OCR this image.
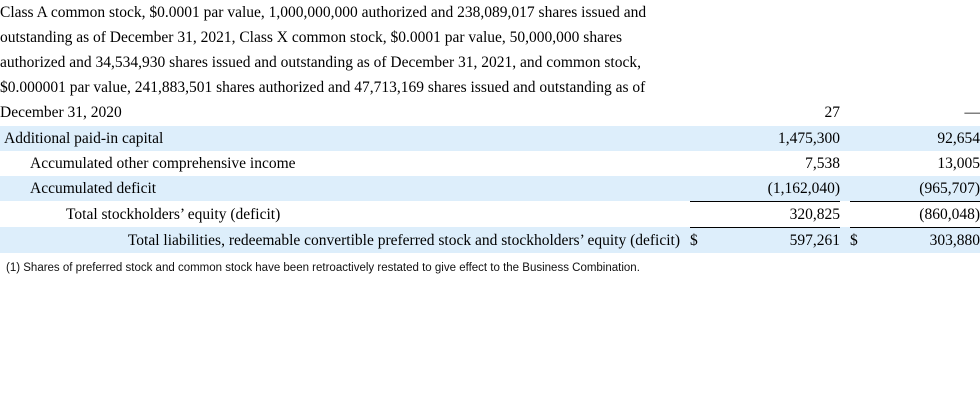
Class A common stock, $0.0001 par value, 1,000,000,000 authorized and 238,089,017 shares issued and outstanding as of December 31, 2021, Class X common stock, $0.0001 par value, 50,000,000 shares authorized and 34,534,930 shares issued and outstanding as of December 31, 2021, and common stock, $0.000001 par value, 241,883,501 shares authorized and 47,713,169 shares issued and outstanding as of December 31, 2020		27			—
Additional paid-in capital		1,475,300			92,654
Accumulated other comprehensive income		7,538			13,005
Accumulated deficit		(1,162,040)			(965,707)
Total stockholders’ equity (deficit)		320,825			(860,048)
Total liabilities, redeemable convertible preferred stock and stockholders’ equity (deficit)	$	597,261		$	303,880
(1) Shares of preferred stock and common stock have been retroactively restated to give effect to the Business Combination.
